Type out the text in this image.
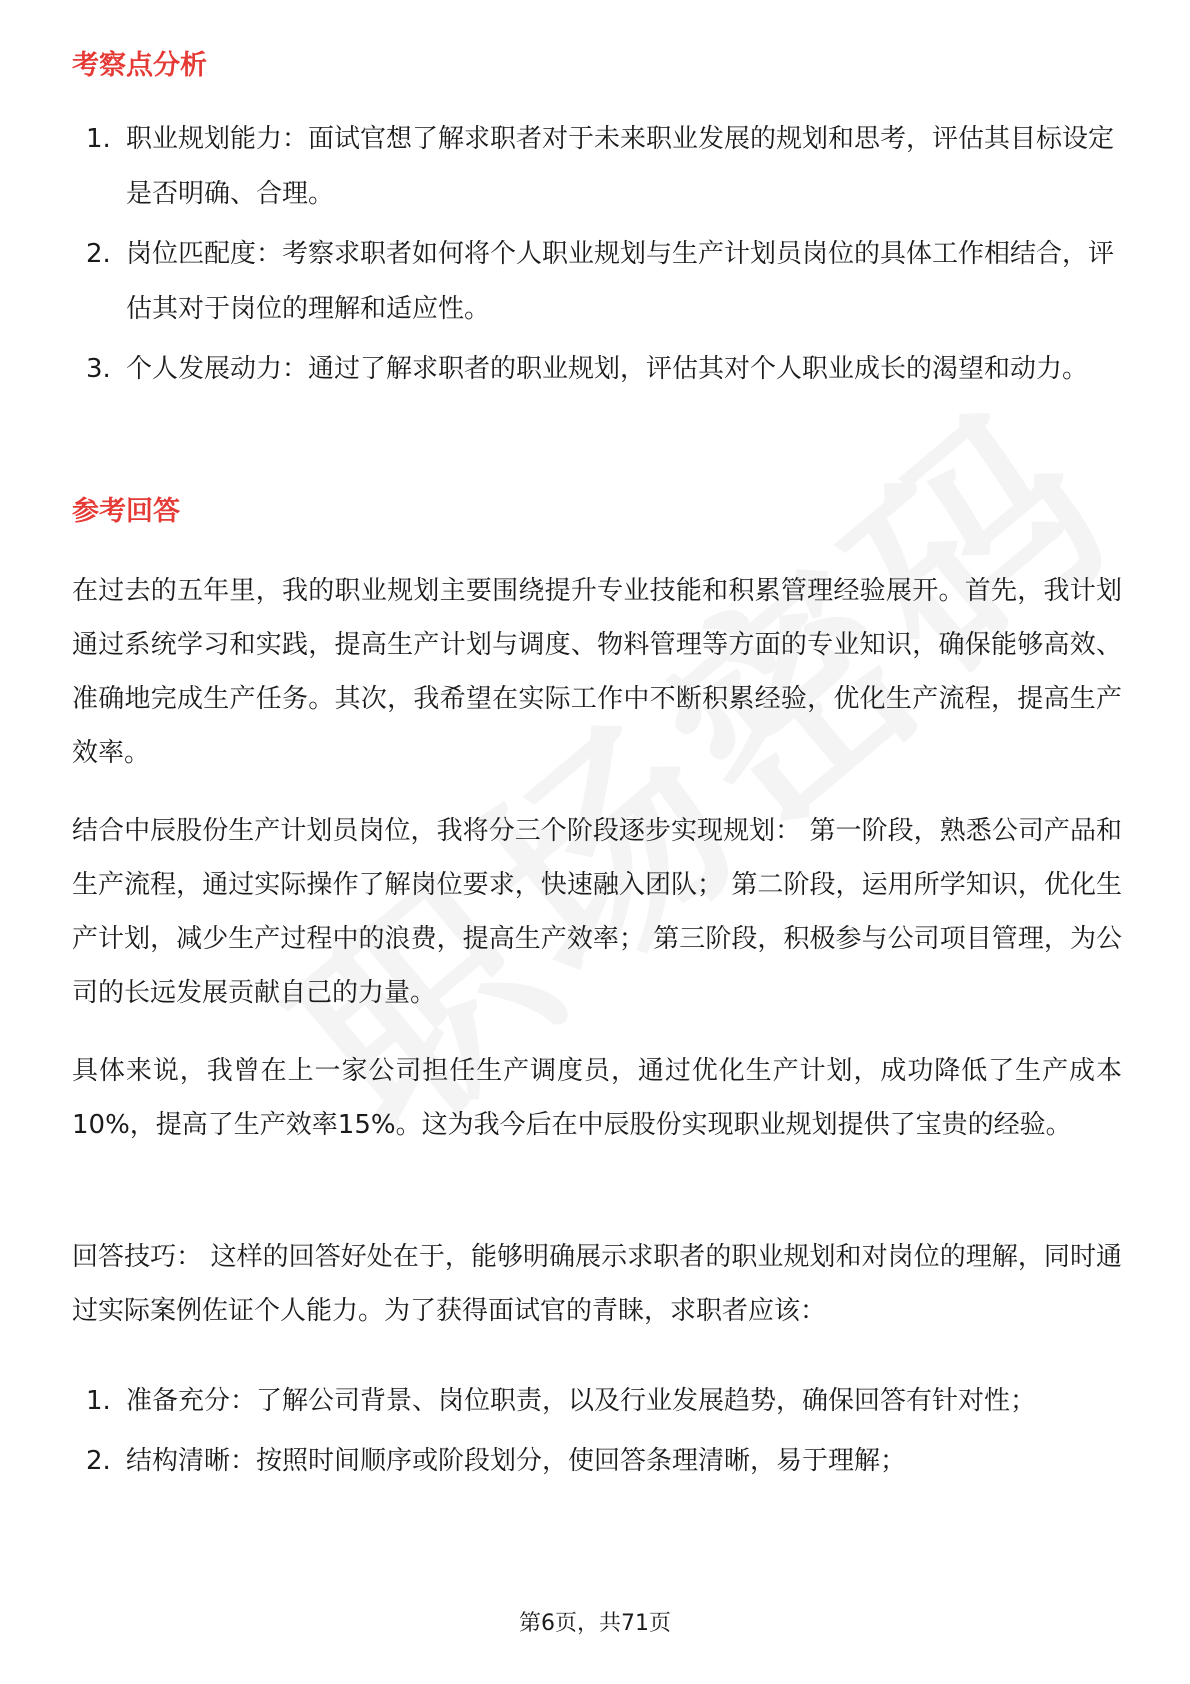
考察点分析
1. 职业规划能力：面试官想了解求职者对于未来职业发展的规划和思考，评估其目标设定是否明确、合理。
2. 岗位匹配度：考察求职者如何将个人职业规划与生产计划员岗位的具体工作相结合，评估其对于岗位的理解和适应性。
3. 个人发展动力：通过了解求职者的职业规划，评估其对个人职业成长的渴望和动力。
参考回答

在过去的五年里，我的职业规划主要围绕提升专业技能和积累管理经验展开。首先，我计划通过系统学习和实践，提高生产计划与调度、物料管理等方面的专业知识，确保能够高效、准确地完成生产任务。其次，我希望在实际工作中不断积累经验，优化生产流程，提高生产效率。

结合中辰股份生产计划员岗位，我将分三个阶段逐步实现规划： 第一阶段，熟悉公司产品和生产流程，通过实际操作了解岗位要求，快速融入团队； 第二阶段，运用所学知识，优化生产计划，减少生产过程中的浪费，提高生产效率； 第三阶段，积极参与公司项目管理，为公司的长远发展贡献自己的力量。

具体来说，我曾在上一家公司担任生产调度员，通过优化生产计划，成功降低了生产成本10%，提高了生产效率15%。这为我今后在中辰股份实现职业规划提供了宝贵的经验。

回答技巧： 这样的回答好处在于，能够明确展示求职者的职业规划和对岗位的理解，同时通过实际案例佐证个人能力。为了获得面试官的青睐，求职者应该：

1. 准备充分：了解公司背景、岗位职责，以及行业发展趋势，确保回答有针对性；
2. 结构清晰：按照时间顺序或阶段划分，使回答条理清晰，易于理解；
第6页，共71页
